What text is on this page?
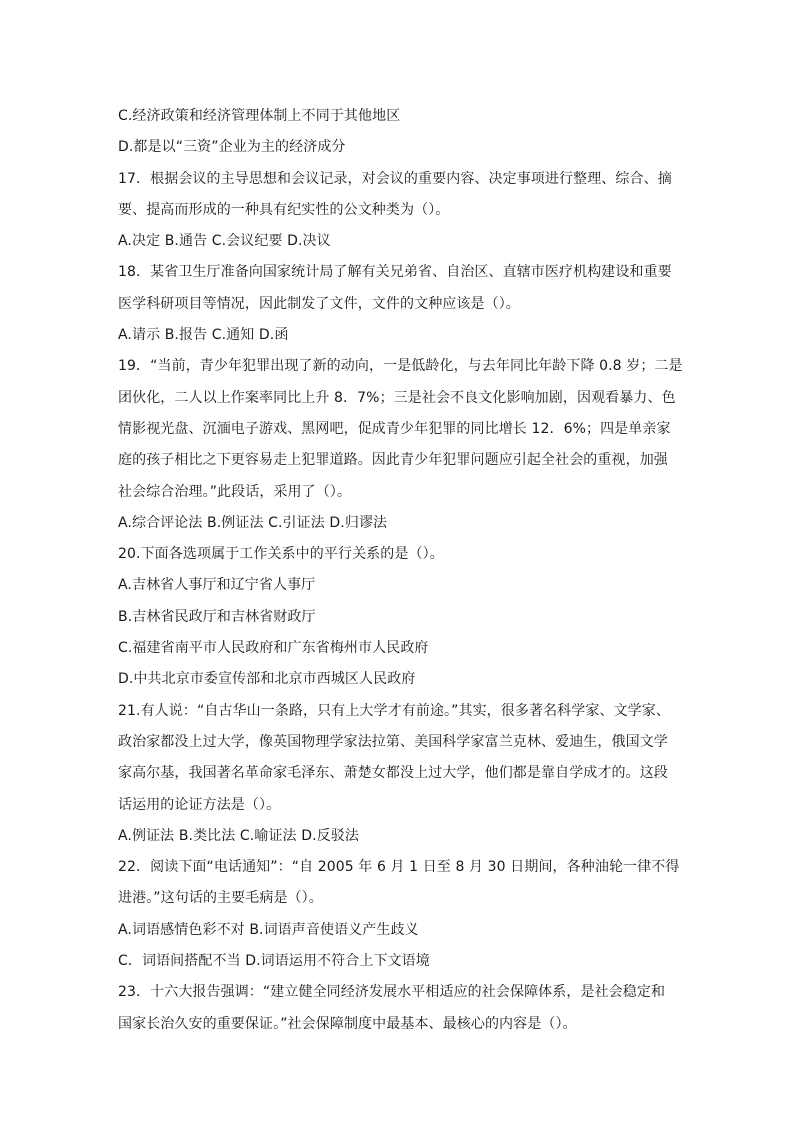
C.经济政策和经济管理体制上不同于其他地区
D.都是以“三资”企业为主的经济成分
17．根据会议的主导思想和会议记录，对会议的重要内容、决定事项进行整理、综合、摘
要、提高而形成的一种具有纪实性的公文种类为（）。
A.决定 B.通告 C.会议纪要 D.决议
18．某省卫生厅准备向国家统计局了解有关兄弟省、自治区、直辖市医疗机构建设和重要
医学科研项目等情况，因此制发了文件，文件的文种应该是（）。
A.请示 B.报告 C.通知 D.函
19．“当前，青少年犯罪出现了新的动向，一是低龄化，与去年同比年龄下降 0.8 岁；二是
团伙化，二人以上作案率同比上升 8．7%；三是社会不良文化影响加剧，因观看暴力、色
情影视光盘、沉湎电子游戏、黑网吧，促成青少年犯罪的同比增长 12．6%；四是单亲家
庭的孩子相比之下更容易走上犯罪道路。因此青少年犯罪问题应引起全社会的重视，加强
社会综合治理。”此段话，采用了（）。
A.综合评论法 B.例证法 C.引证法 D.归谬法
20.下面各选项属于工作关系中的平行关系的是（）。
A.吉林省人事厅和辽宁省人事厅
B.吉林省民政厅和吉林省财政厅
C.福建省南平市人民政府和广东省梅州市人民政府
D.中共北京市委宣传部和北京市西城区人民政府
21.有人说：“自古华山一条路，只有上大学才有前途。”其实，很多著名科学家、文学家、
政治家都没上过大学，像英国物理学家法拉第、美国科学家富兰克林、爱迪生，俄国文学
家高尔基，我国著名革命家毛泽东、萧楚女都没上过大学，他们都是靠自学成才的。这段
话运用的论证方法是（）。
A.例证法 B.类比法 C.喻证法 D.反驳法
22．阅读下面“电话通知”：“自 2005 年 6 月 1 日至 8 月 30 日期间，各种油轮一律不得
进港。”这句话的主要毛病是（）。
A.词语感情色彩不对 B.词语声音使语义产生歧义
C．词语间搭配不当 D.词语运用不符合上下文语境
23．十六大报告强调：“建立健全同经济发展水平相适应的社会保障体系，是社会稳定和
国家长治久安的重要保证。”社会保障制度中最基本、最核心的内容是（）。
